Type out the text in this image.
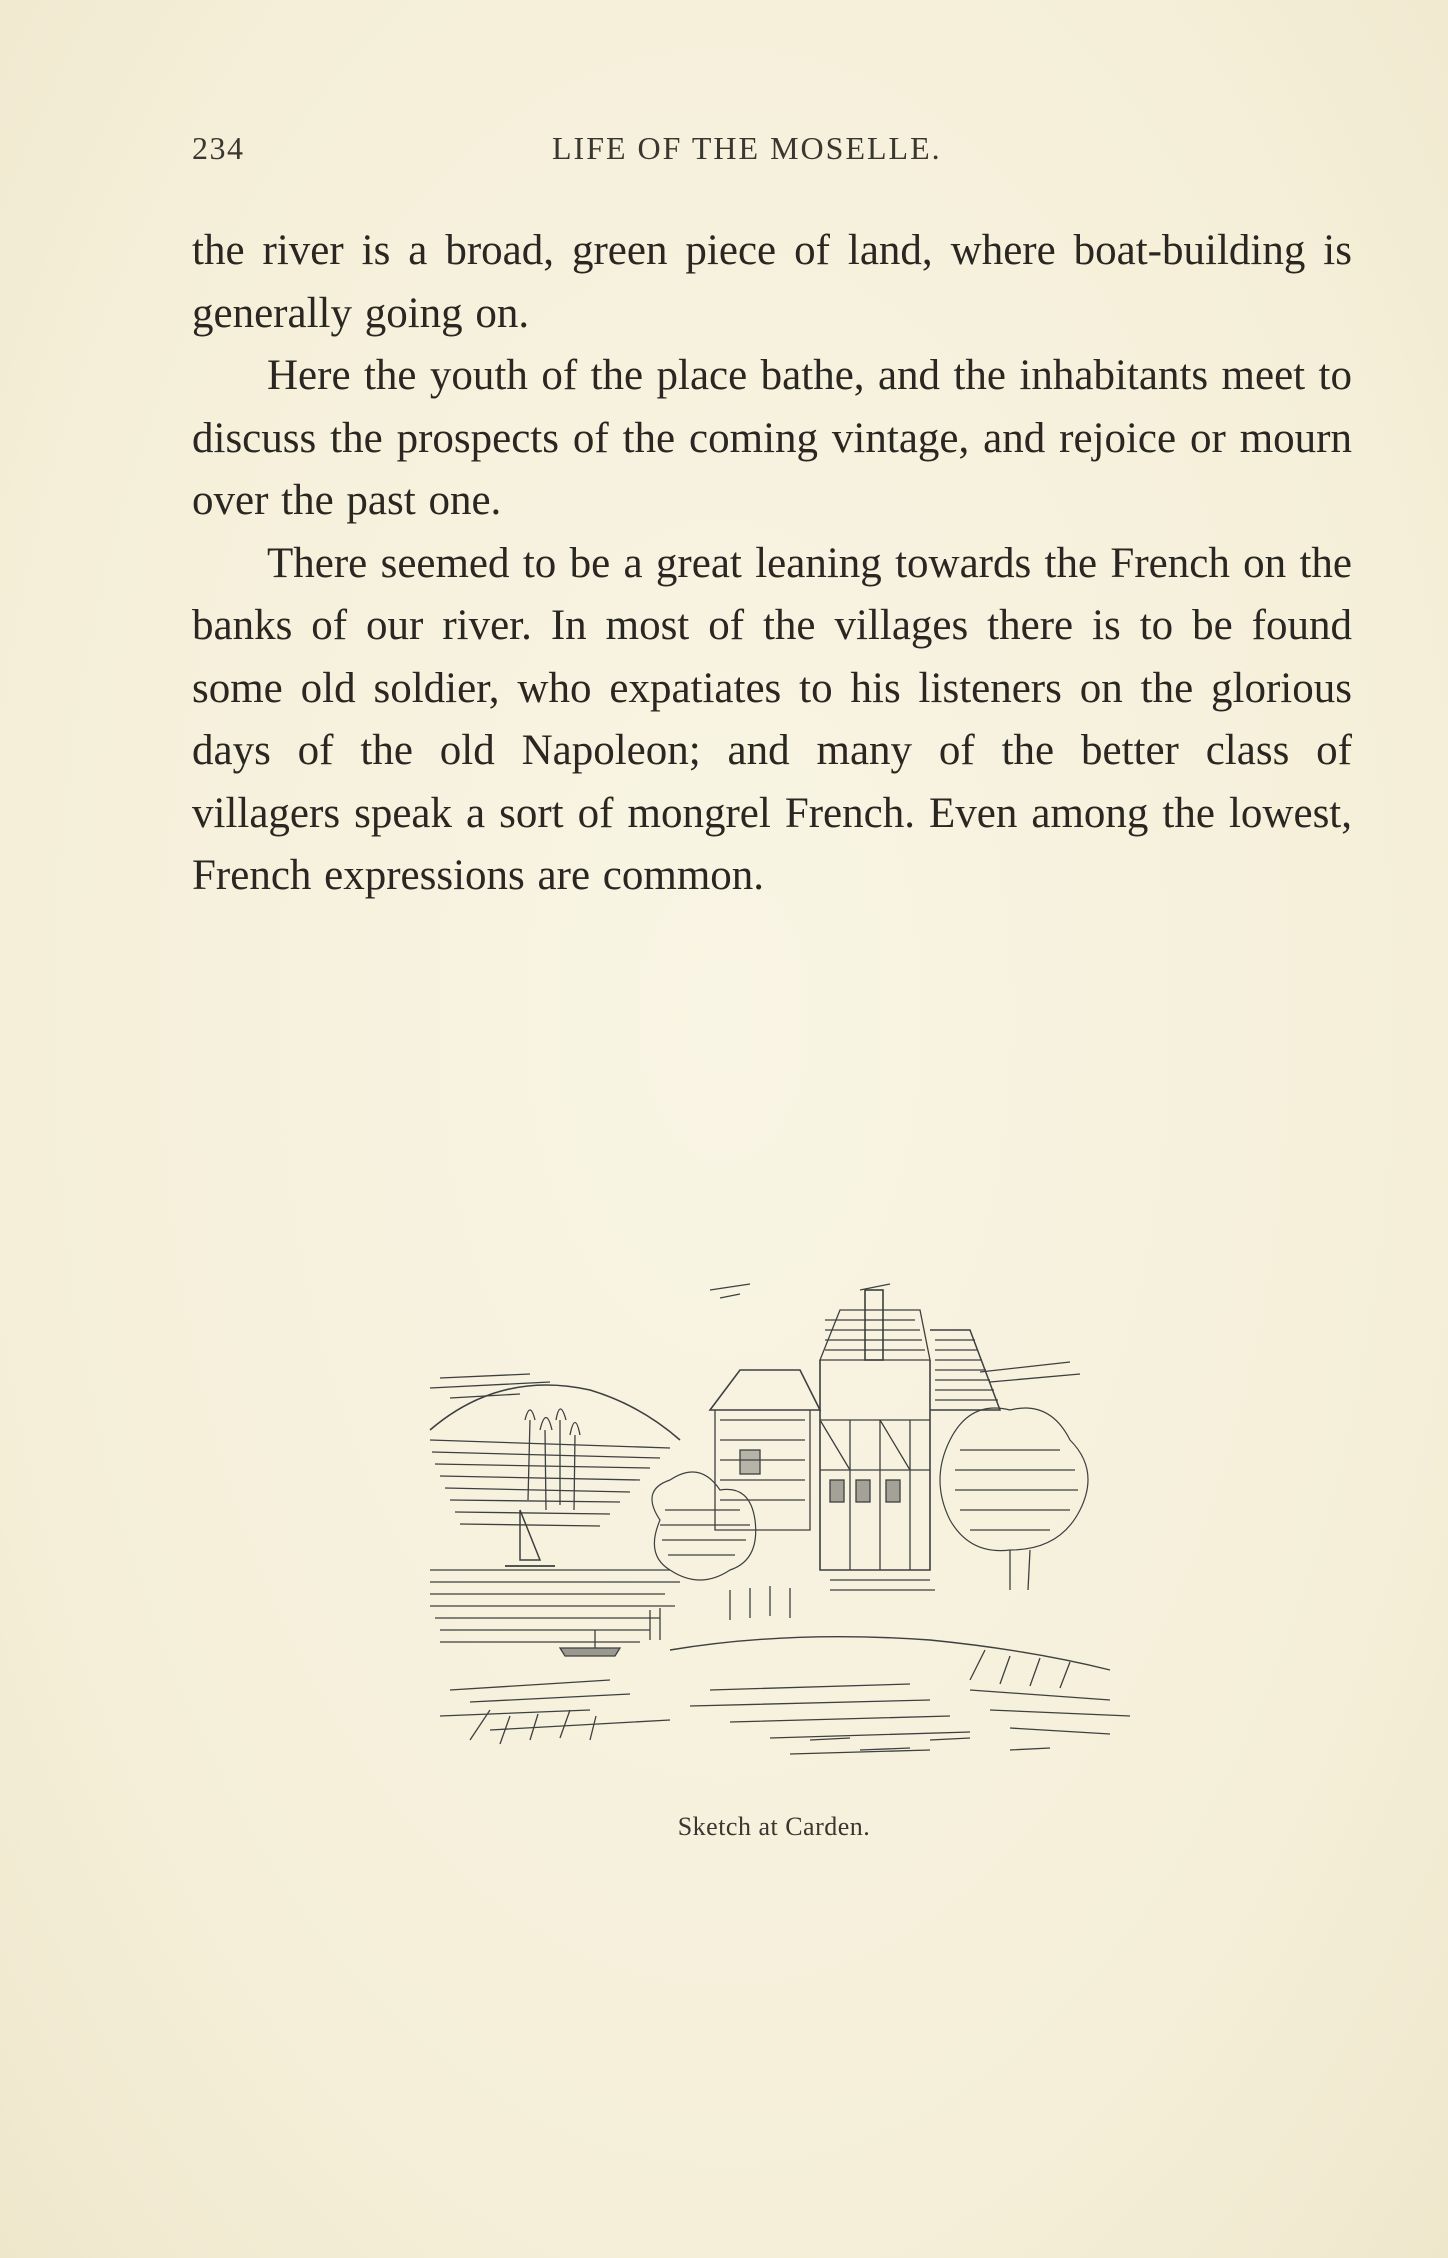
234	LIFE OF THE MOSELLE.

the river is a broad, green piece of land, where boat-building is generally going on.

Here the youth of the place bathe, and the inhabitants meet to discuss the prospects of the coming vintage, and rejoice or mourn over the past one.

There seemed to be a great leaning towards the French on the banks of our river. In most of the villages there is to be found some old soldier, who expatiates to his listeners on the glorious days of the old Napoleon; and many of the better class of villagers speak a sort of mongrel French. Even among the lowest, French expressions are common.

Sketch at Carden.
